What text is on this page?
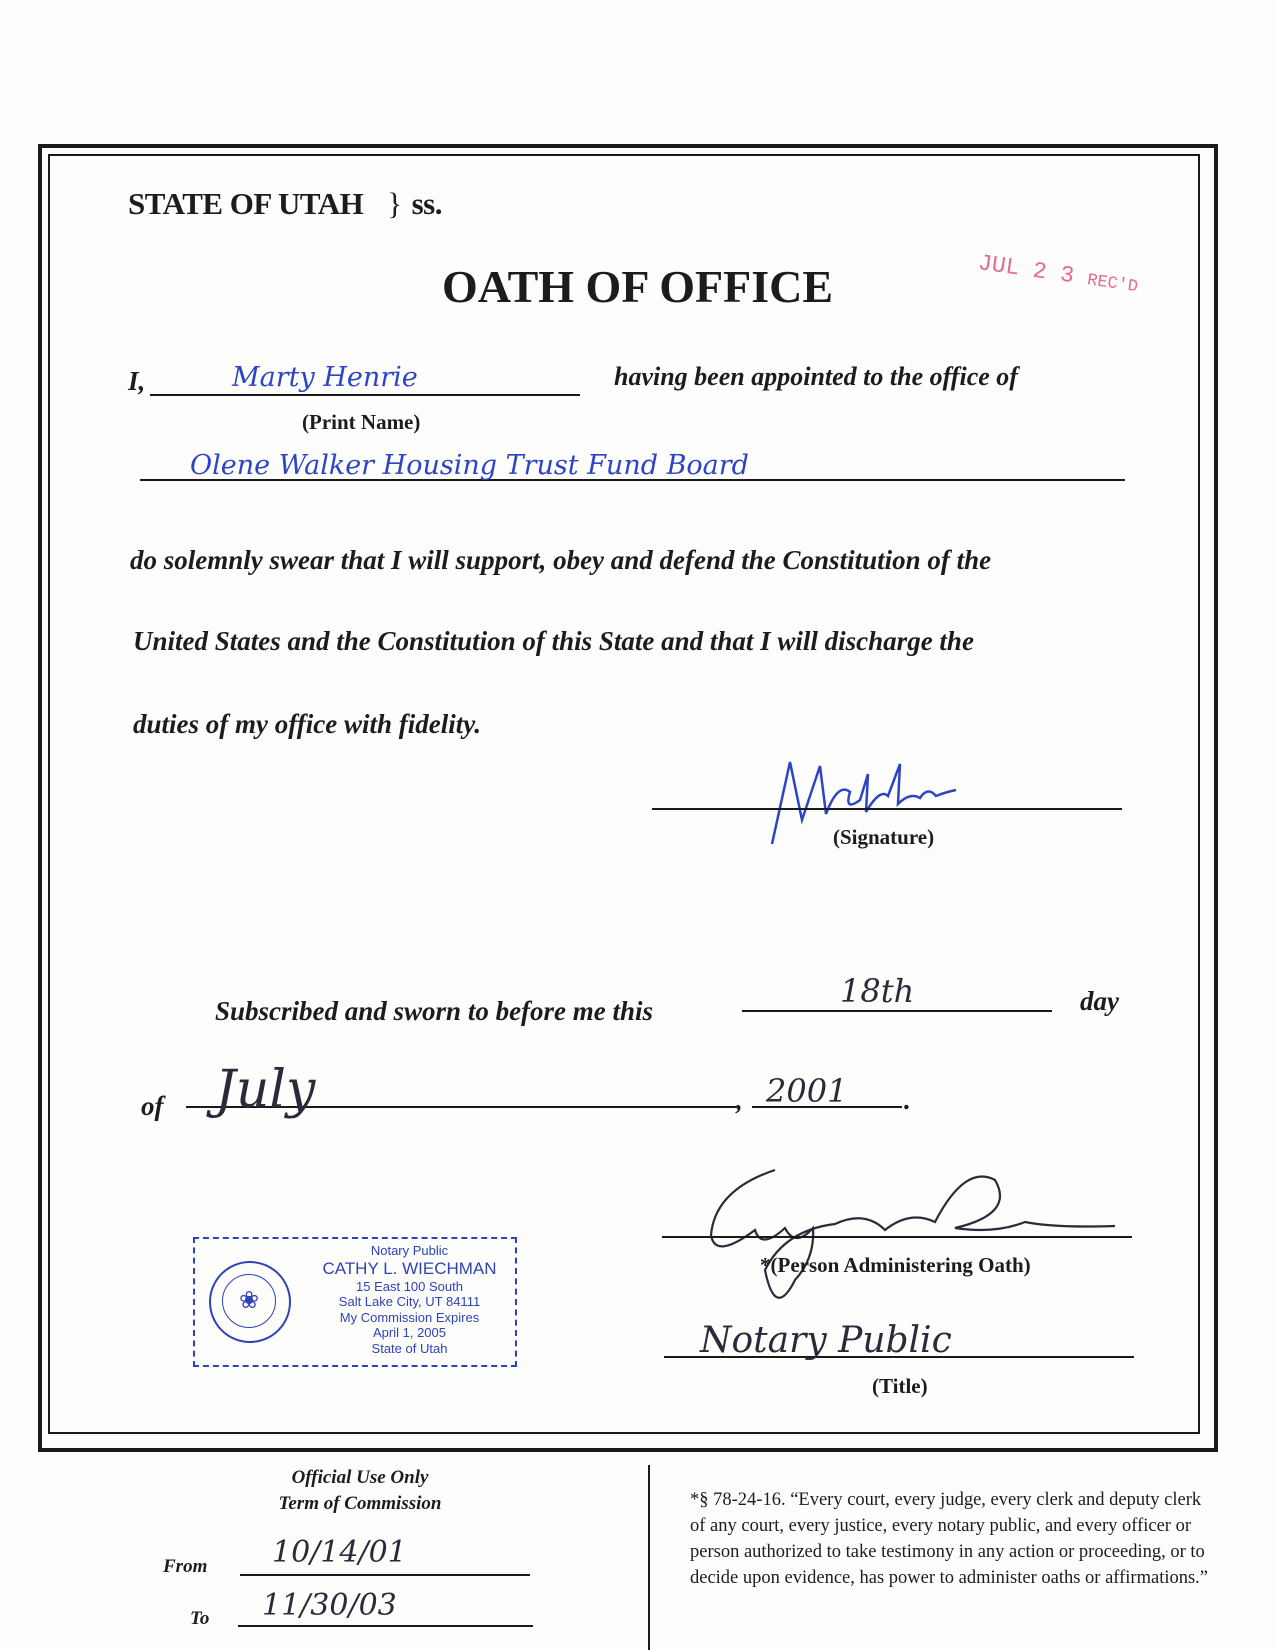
STATE OF UTAH } ss.
JUL 2 3 REC'D
OATH OF OFFICE
I,	Marty Henrie	having been appointed to the office of
(Print Name)
Olene Walker Housing Trust Fund Board
do solemnly swear that I will support, obey and defend the Constitution of the
United States and the Constitution of this State and that I will discharge the
duties of my office with fidelity.
(Signature)
Subscribed and sworn to before me this
18th	day
of July	, 2001 .
*(Person Administering Oath)
Notary Public
(Title)
❀
Notary Public
CATHY L. WIECHMAN
15 East 100 South
Salt Lake City, UT 84111
My Commission Expires
April 1, 2005
State of Utah
Official Use Only
Term of Commission
From 10/14/01
To 11/30/03
*§ 78-24-16. “Every court, every judge, every clerk and deputy clerk of any court, every justice, every notary public, and every officer or person authorized to take testimony in any action or proceeding, or to decide upon evidence, has power to administer oaths or affirmations.”
